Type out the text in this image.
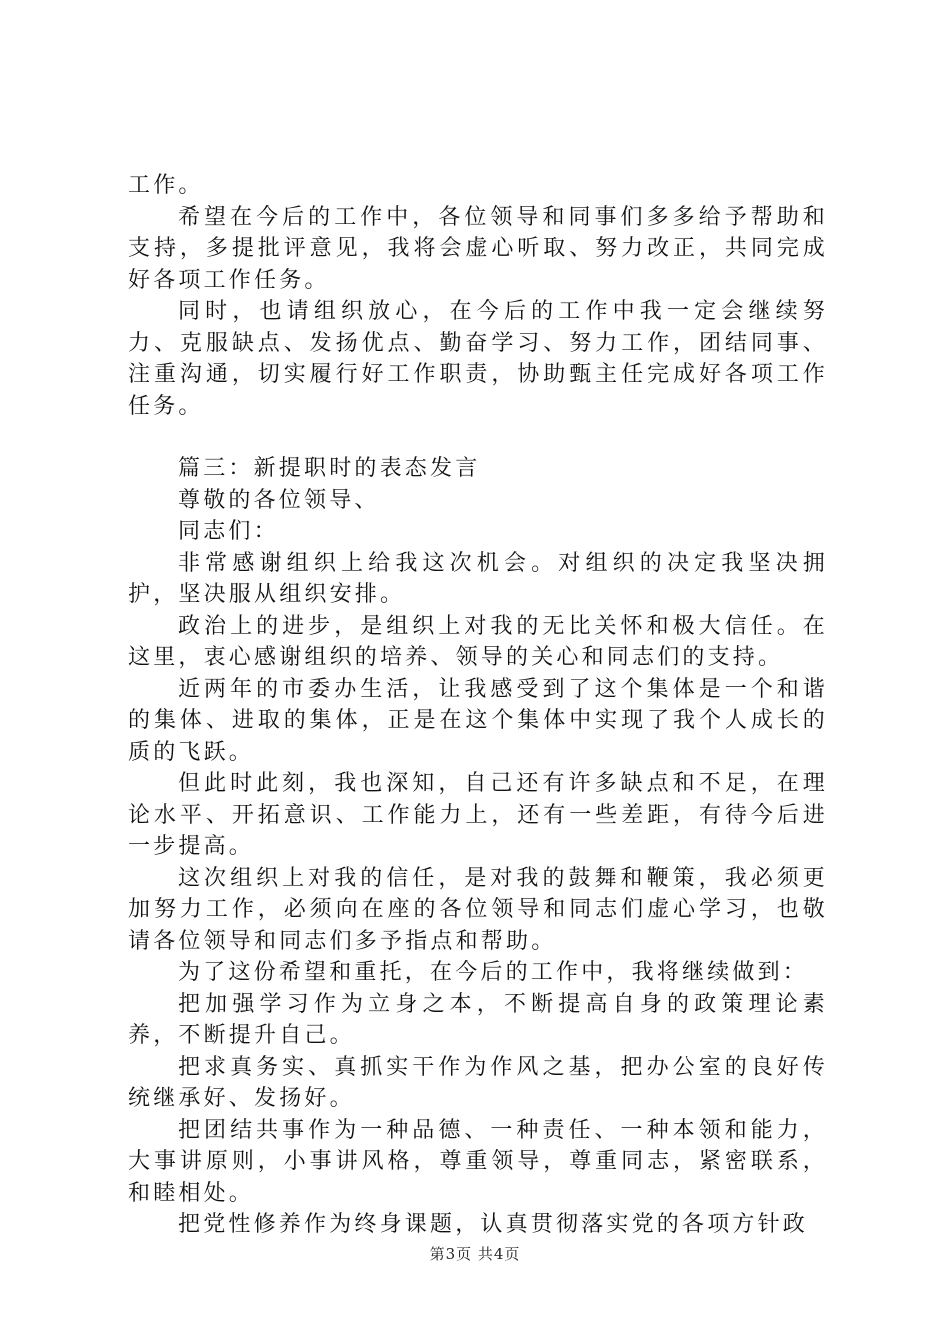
工作。

希望在今后的工作中，各位领导和同事们多多给予帮助和支持，多提批评意见，我将会虚心听取、努力改正，共同完成好各项工作任务。

同时，也请组织放心，在今后的工作中我一定会继续努力、克服缺点、发扬优点、勤奋学习、努力工作，团结同事、注重沟通，切实履行好工作职责，协助甄主任完成好各项工作任务。

篇三：新提职时的表态发言

尊敬的各位领导、

同志们：

非常感谢组织上给我这次机会。对组织的决定我坚决拥护，坚决服从组织安排。

政治上的进步，是组织上对我的无比关怀和极大信任。在这里，衷心感谢组织的培养、领导的关心和同志们的支持。

近两年的市委办生活，让我感受到了这个集体是一个和谐的集体、进取的集体，正是在这个集体中实现了我个人成长的质的飞跃。

但此时此刻，我也深知，自己还有许多缺点和不足，在理论水平、开拓意识、工作能力上，还有一些差距，有待今后进一步提高。

这次组织上对我的信任，是对我的鼓舞和鞭策，我必须更加努力工作，必须向在座的各位领导和同志们虚心学习，也敬请各位领导和同志们多予指点和帮助。

为了这份希望和重托，在今后的工作中，我将继续做到：

把加强学习作为立身之本，不断提高自身的政策理论素养，不断提升自己。

把求真务实、真抓实干作为作风之基，把办公室的良好传统继承好、发扬好。

把团结共事作为一种品德、一种责任、一种本领和能力，大事讲原则，小事讲风格，尊重领导，尊重同志，紧密联系，和睦相处。

把党性修养作为终身课题，认真贯彻落实党的各项方针政

第3页 共4页
